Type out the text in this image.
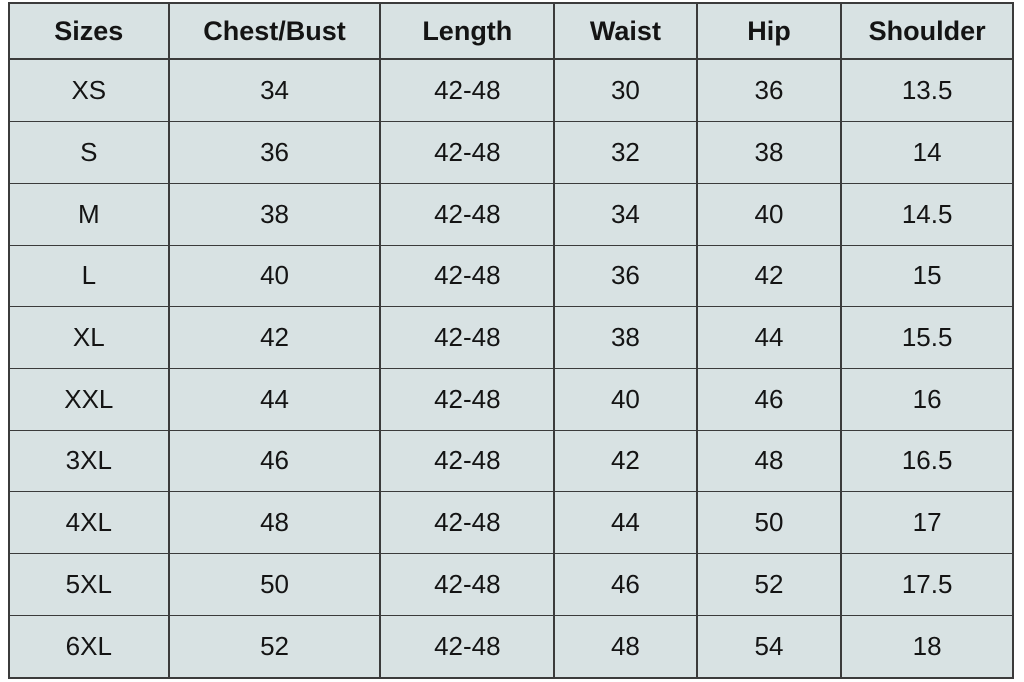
Sizes	Chest/Bust	Length	Waist	Hip	Shoulder
XS	34	42-48	30	36	13.5
S	36	42-48	32	38	14
M	38	42-48	34	40	14.5
L	40	42-48	36	42	15
XL	42	42-48	38	44	15.5
XXL	44	42-48	40	46	16
3XL	46	42-48	42	48	16.5
4XL	48	42-48	44	50	17
5XL	50	42-48	46	52	17.5
6XL	52	42-48	48	54	18
